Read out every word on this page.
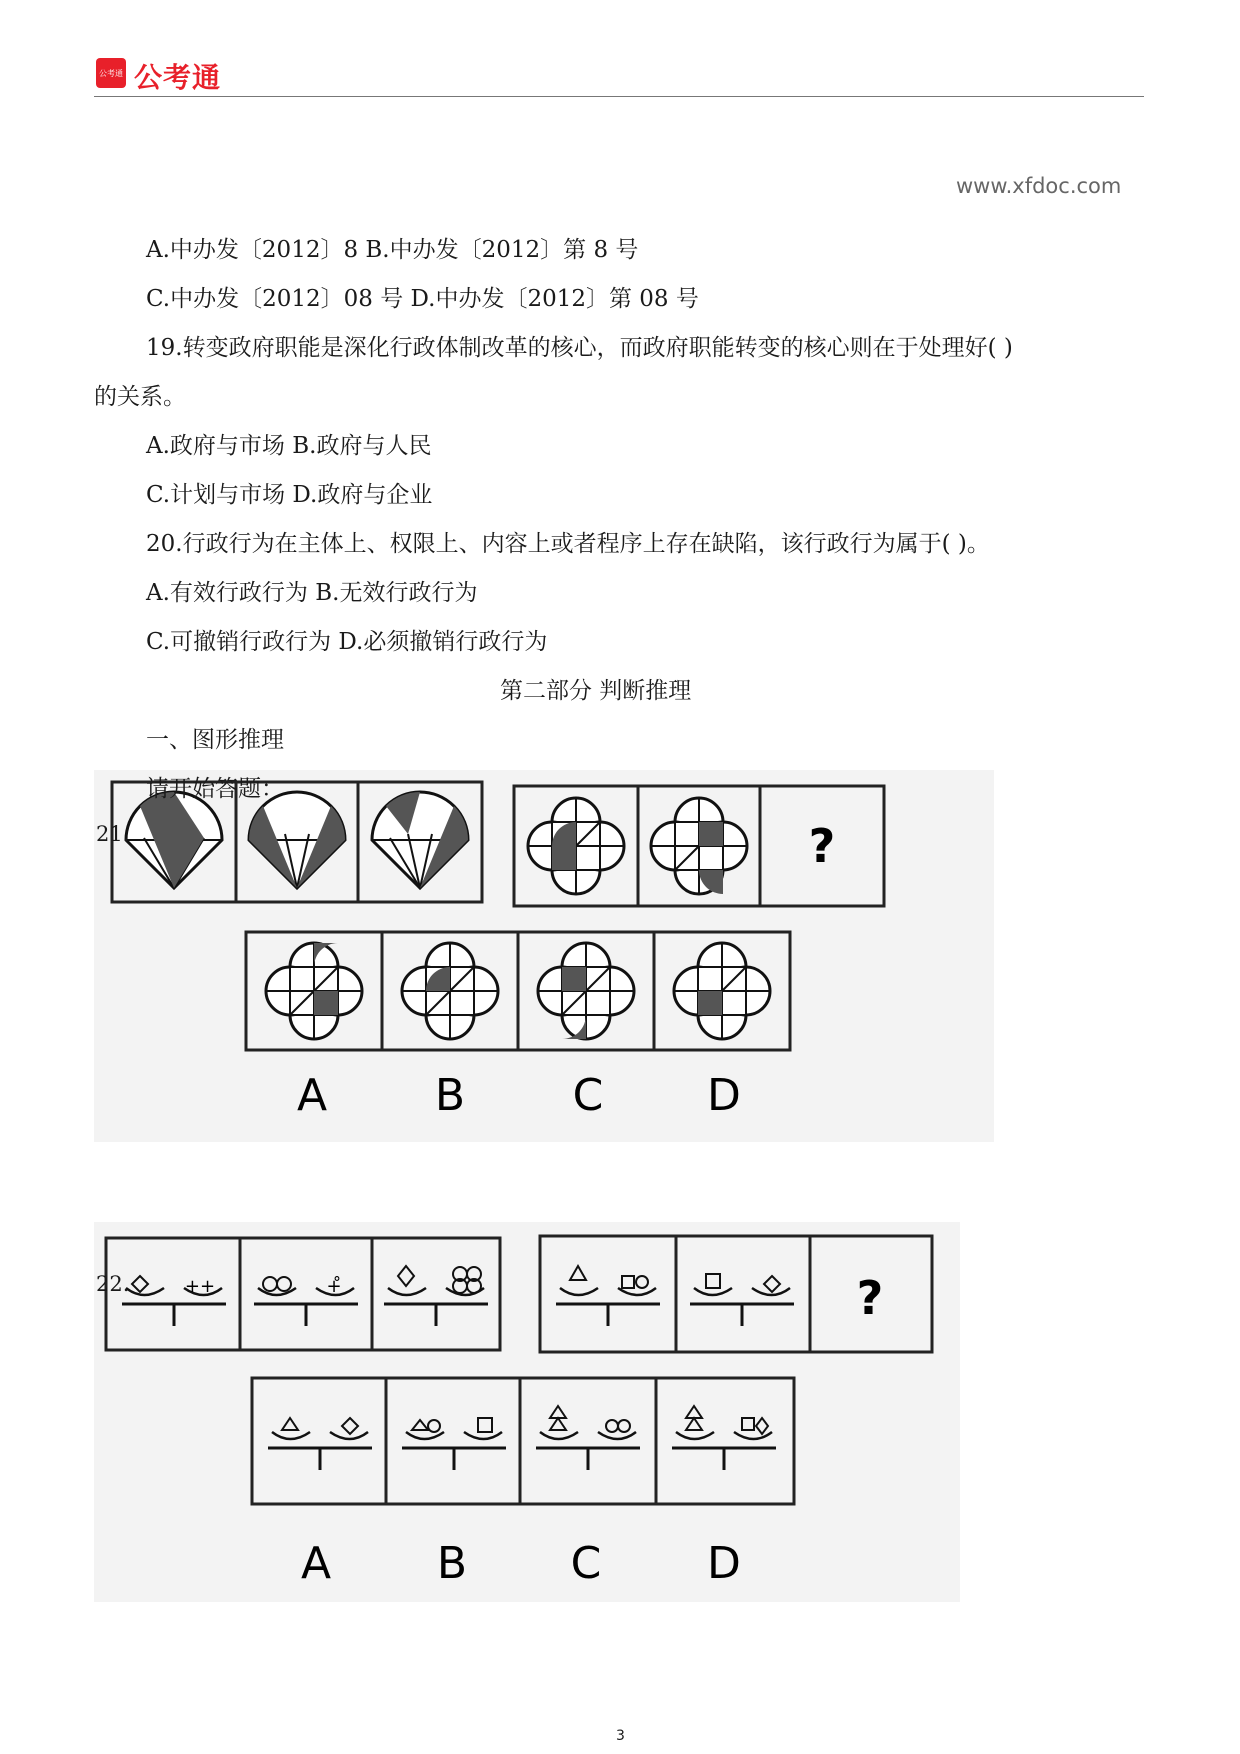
公考通 公考通
www.xfdoc.com
A.中办发〔2012〕8 B.中办发〔2012〕第 8 号
C.中办发〔2012〕08 号 D.中办发〔2012〕第 08 号
19.转变政府职能是深化行政体制改革的核心，而政府职能转变的核心则在于处理好( )
的关系。
A.政府与市场 B.政府与人民
C.计划与市场 D.政府与企业
20.行政行为在主体上、权限上、内容上或者程序上存在缺陷，该行政行为属于( )。
A.有效行政行为 B.无效行政行为
C.可撤销行政行为 D.必须撤销行政行为
第二部分 判断推理
一、图形推理
?
A B C D
请开始答题：
21.
++	+̊	?
A B C D
22.
3
